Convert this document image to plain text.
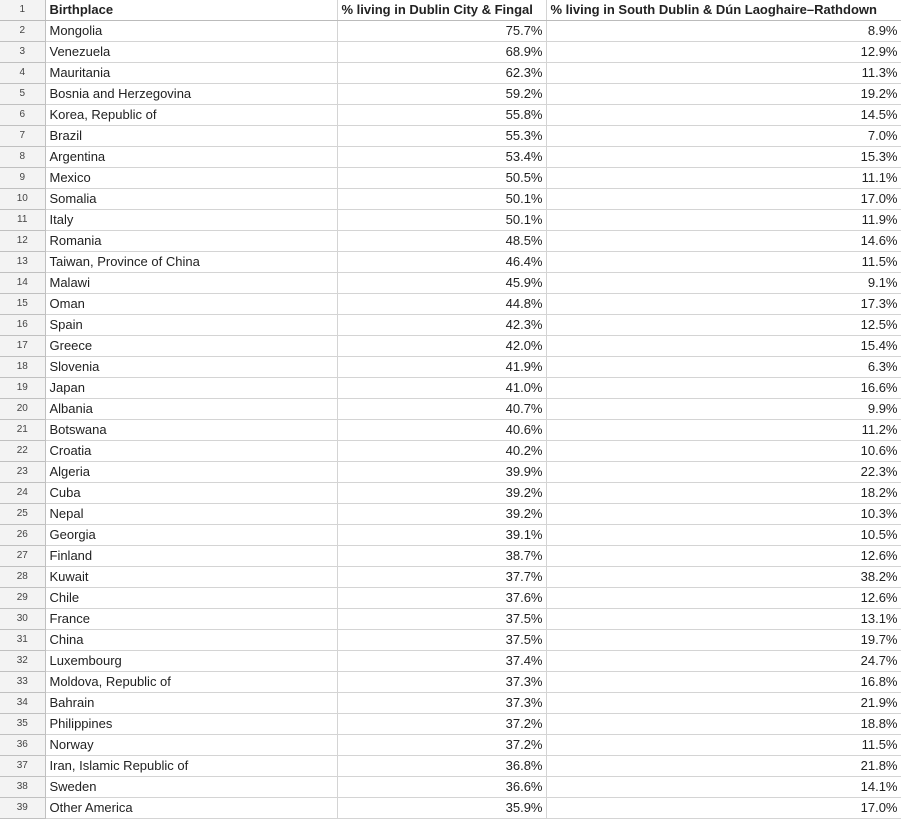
1	Birthplace	% living in Dublin City & Fingal	% living in South Dublin & Dún Laoghaire–Rathdown
2	Mongolia	75.7%	8.9%
3	Venezuela	68.9%	12.9%
4	Mauritania	62.3%	11.3%
5	Bosnia and Herzegovina	59.2%	19.2%
6	Korea, Republic of	55.8%	14.5%
7	Brazil	55.3%	7.0%
8	Argentina	53.4%	15.3%
9	Mexico	50.5%	11.1%
10	Somalia	50.1%	17.0%
11	Italy	50.1%	11.9%
12	Romania	48.5%	14.6%
13	Taiwan, Province of China	46.4%	11.5%
14	Malawi	45.9%	9.1%
15	Oman	44.8%	17.3%
16	Spain	42.3%	12.5%
17	Greece	42.0%	15.4%
18	Slovenia	41.9%	6.3%
19	Japan	41.0%	16.6%
20	Albania	40.7%	9.9%
21	Botswana	40.6%	11.2%
22	Croatia	40.2%	10.6%
23	Algeria	39.9%	22.3%
24	Cuba	39.2%	18.2%
25	Nepal	39.2%	10.3%
26	Georgia	39.1%	10.5%
27	Finland	38.7%	12.6%
28	Kuwait	37.7%	38.2%
29	Chile	37.6%	12.6%
30	France	37.5%	13.1%
31	China	37.5%	19.7%
32	Luxembourg	37.4%	24.7%
33	Moldova, Republic of	37.3%	16.8%
34	Bahrain	37.3%	21.9%
35	Philippines	37.2%	18.8%
36	Norway	37.2%	11.5%
37	Iran, Islamic Republic of	36.8%	21.8%
38	Sweden	36.6%	14.1%
39	Other America	35.9%	17.0%
